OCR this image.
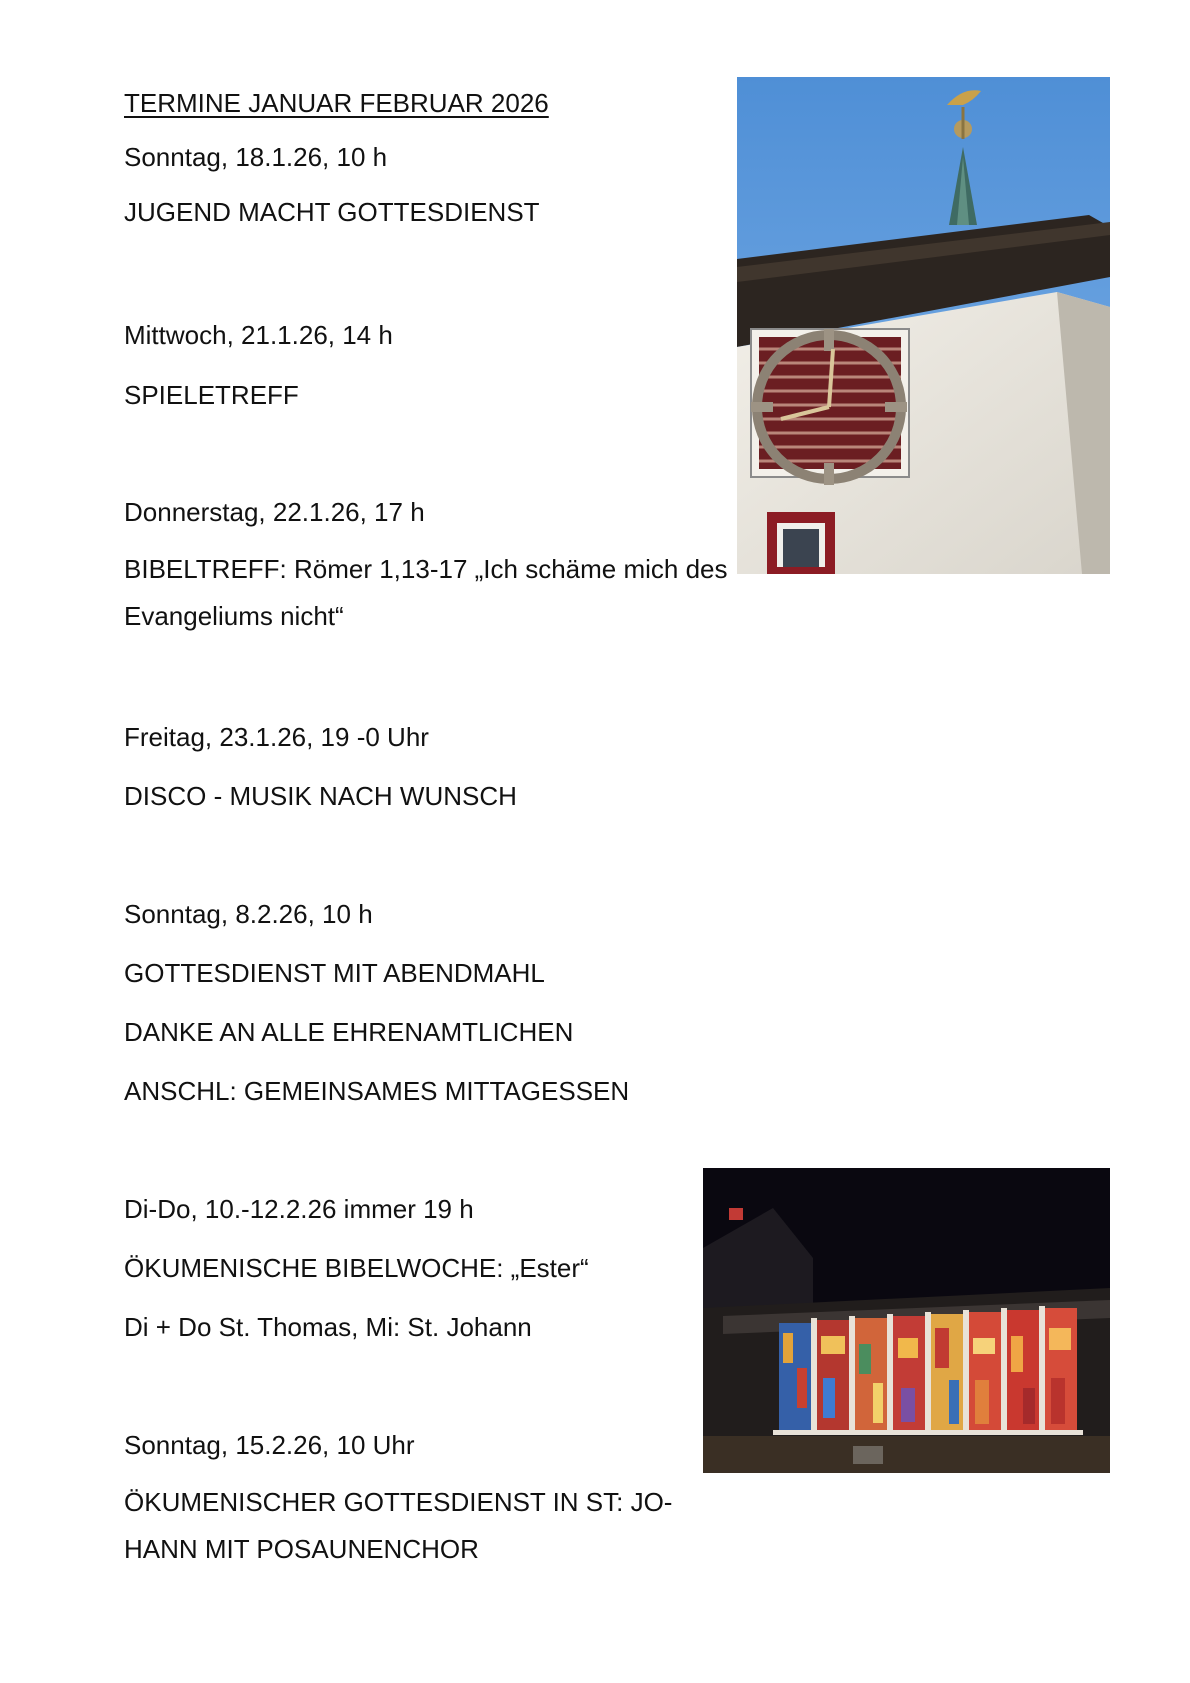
TERMINE JANUAR FEBRUAR 2026
Sonntag, 18.1.26, 10 h
JUGEND MACHT GOTTESDIENST
Mittwoch, 21.1.26, 14 h
SPIELETREFF
Donnerstag, 22.1.26, 17 h
BIBELTREFF: Römer 1,13-17 „Ich schäme mich des Evangeliums nicht“
Freitag, 23.1.26, 19 -0 Uhr
DISCO - MUSIK NACH WUNSCH
Sonntag, 8.2.26, 10 h
GOTTESDIENST MIT ABENDMAHL
DANKE AN ALLE EHRENAMTLICHEN
ANSCHL: GEMEINSAMES MITTAGESSEN
Di-Do, 10.-12.2.26 immer 19 h
ÖKUMENISCHE BIBELWOCHE: „Ester“
Di + Do St. Thomas, Mi: St. Johann
Sonntag, 15.2.26, 10 Uhr
ÖKUMENISCHER GOTTESDIENST IN ST: JO-HANN MIT POSAUNENCHOR
